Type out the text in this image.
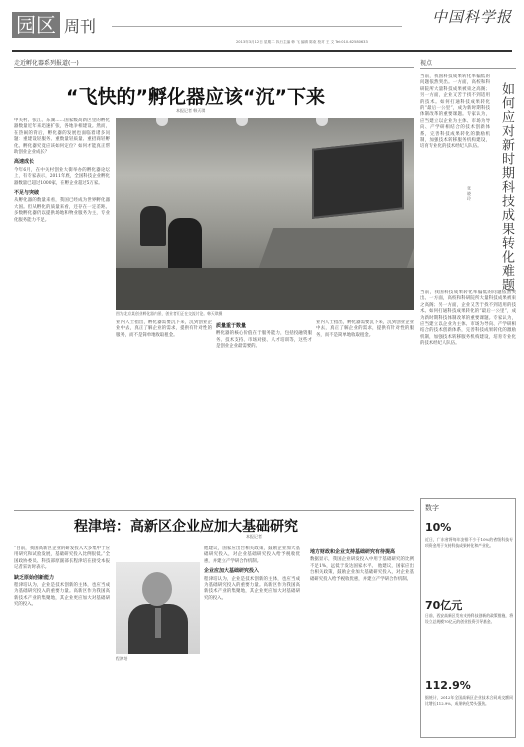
园区 周刊	中国科学报
2013年3月12日 星期二 执行主编 韩 飞 编辑 陈欢 校对 王 文 Tel:010-62580633
走近孵化器系列报道(一)
“飞快的”孵化器应该“沉”下来
本报记者 韩天琪
中关村、张江、东湖……国家级高新区里的孵化器数量近年来迅速扩张，各地争相建设。然而，在热闹的背后，孵化器的发展也面临着诸多问题：重建设轻服务、重数量轻质量、重招商轻孵化。孵化器究竟应该如何定位？如何才能真正帮助创业企业成长？
高速成长
今年6月，在中关村创业大街举办的孵化器论坛上，有专家表示，2011年底，全国科技企业孵化器数量已超过1000家，在孵企业超过5万家。
不足与突破
从孵化器的数量来看，我国已经成为世界孵化器大国。但从孵化的质量来看，还存在一定差距。多数孵化器仍以提供场地和物业服务为主，专业化服务能力不足。
图为北京某创业孵化器内景，创业者们正在交流讨论。韩天琪摄
业内人士指出，孵化器需要沉下来，沉到创业企业中去，真正了解企业的需求，提供有针对性的服务，而不是简单地收取租金。
质量重于数量
孵化器的核心价值在于服务能力，包括投融资服务、技术支持、市场对接、人才培训等，这些才是创业企业最需要的。
业内人士指出，孵化器需要沉下来，沉到创业企业中去，真正了解企业的需求，提供有针对性的服务，而不是简单地收取租金。
程津培：高新区企业应加大基础研究
本报记者
“目前，我国高新区企业的研发投入大多集中于应用研究和试验发展，基础研究投入比例很低。”全国政协委员、科技部原副部长程津培在接受本报记者采访时表示。
缺乏原始创新能力
程津培认为，企业是技术创新的主体，也应当成为基础研究投入的重要力量。高新区作为我国高新技术产业的集聚地，其企业更应加大对基础研究的投入。
程津培
他建议，国家应出台相关政策，鼓励企业加大基础研究投入，对企业基础研究投入给予税收优惠，并建立产学研合作机制。
企业应加大基础研究投入
程津培认为，企业是技术创新的主体，也应当成为基础研究投入的重要力量。高新区作为我国高新技术产业的集聚地，其企业更应加大对基础研究的投入。
地方财政和企业支持基础研究有待提高
数据显示，我国企业研发投入中用于基础研究的比例不足1%，远低于发达国家水平。 他建议，国家应出台相关政策，鼓励企业加大基础研究投入，对企业基础研究投入给予税收优惠，并建立产学研合作机制。
视点
如何应对新时期科技成果转化难题
张 晓 玲
当前，我国科技成果转化率偏低的问题依然突出。一方面，高校和科研院所大量科技成果被束之高阁；另一方面，企业又苦于找不到适用的技术。如何打通科技成果转化的“最后一公里”，成为新时期科技体制改革的重要课题。专家认为，应当建立以企业为主体、市场为导向、产学研相结合的技术创新体系，完善科技成果转化的激励机制，加强技术转移服务机构建设，培育专业化的技术经纪人队伍。
当前，我国科技成果转化率偏低的问题依然突出。一方面，高校和科研院所大量科技成果被束之高阁；另一方面，企业又苦于找不到适用的技术。如何打通科技成果转化的“最后一公里”，成为新时期科技体制改革的重要课题。专家认为，应当建立以企业为主体、市场为导向、产学研相结合的技术创新体系，完善科技成果转化的激励机制，加强技术转移服务机构建设，培育专业化的技术经纪人队伍。
数字
10%
近日，广东省将每年安排不少于10%的省级科技专项资金用于支持科技成果转化和产业化。
70亿元
日前，西安高新区发布支持科技创新的政策措施，将设立总规模70亿元的创业投资引导基金。
112.9%
据统计，2012年全国高新区企业技术合同成交额同比增长112.9%，成果转化势头强劲。
